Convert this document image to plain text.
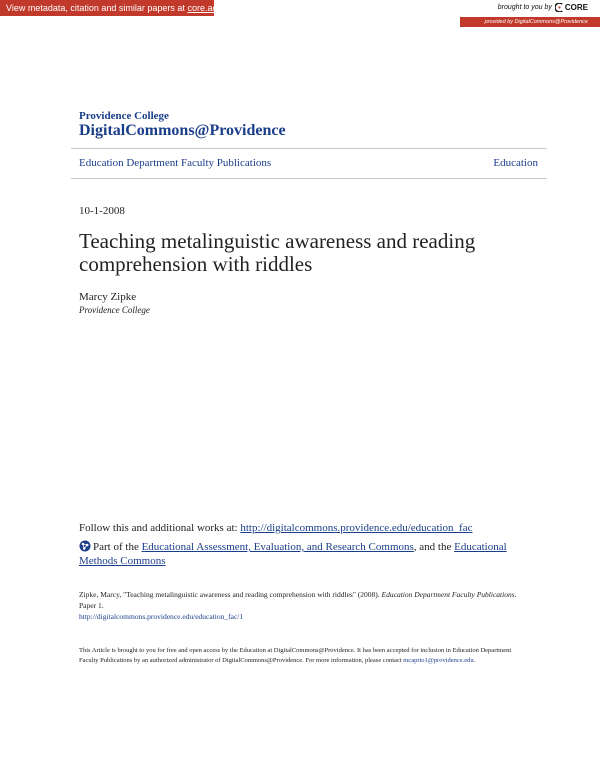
View metadata, citation and similar papers at core.ac.uk	brought to you by CORE
provided by DigitalCommons@Providence
Providence College
DigitalCommons@Providence
Education Department Faculty Publications	Education
10-1-2008
Teaching metalinguistic awareness and reading comprehension with riddles
Marcy Zipke
Providence College
Follow this and additional works at: http://digitalcommons.providence.edu/education_fac
Part of the Educational Assessment, Evaluation, and Research Commons, and the Educational Methods Commons
Zipke, Marcy, "Teaching metalinguistic awareness and reading comprehension with riddles" (2008). Education Department Faculty Publications. Paper 1.
http://digitalcommons.providence.edu/education_fac/1
This Article is brought to you for free and open access by the Education at DigitalCommons@Providence. It has been accepted for inclusion in Education Department Faculty Publications by an authorized administrator of DigitalCommons@Providence. For more information, please contact mcaprio1@providence.edu.
